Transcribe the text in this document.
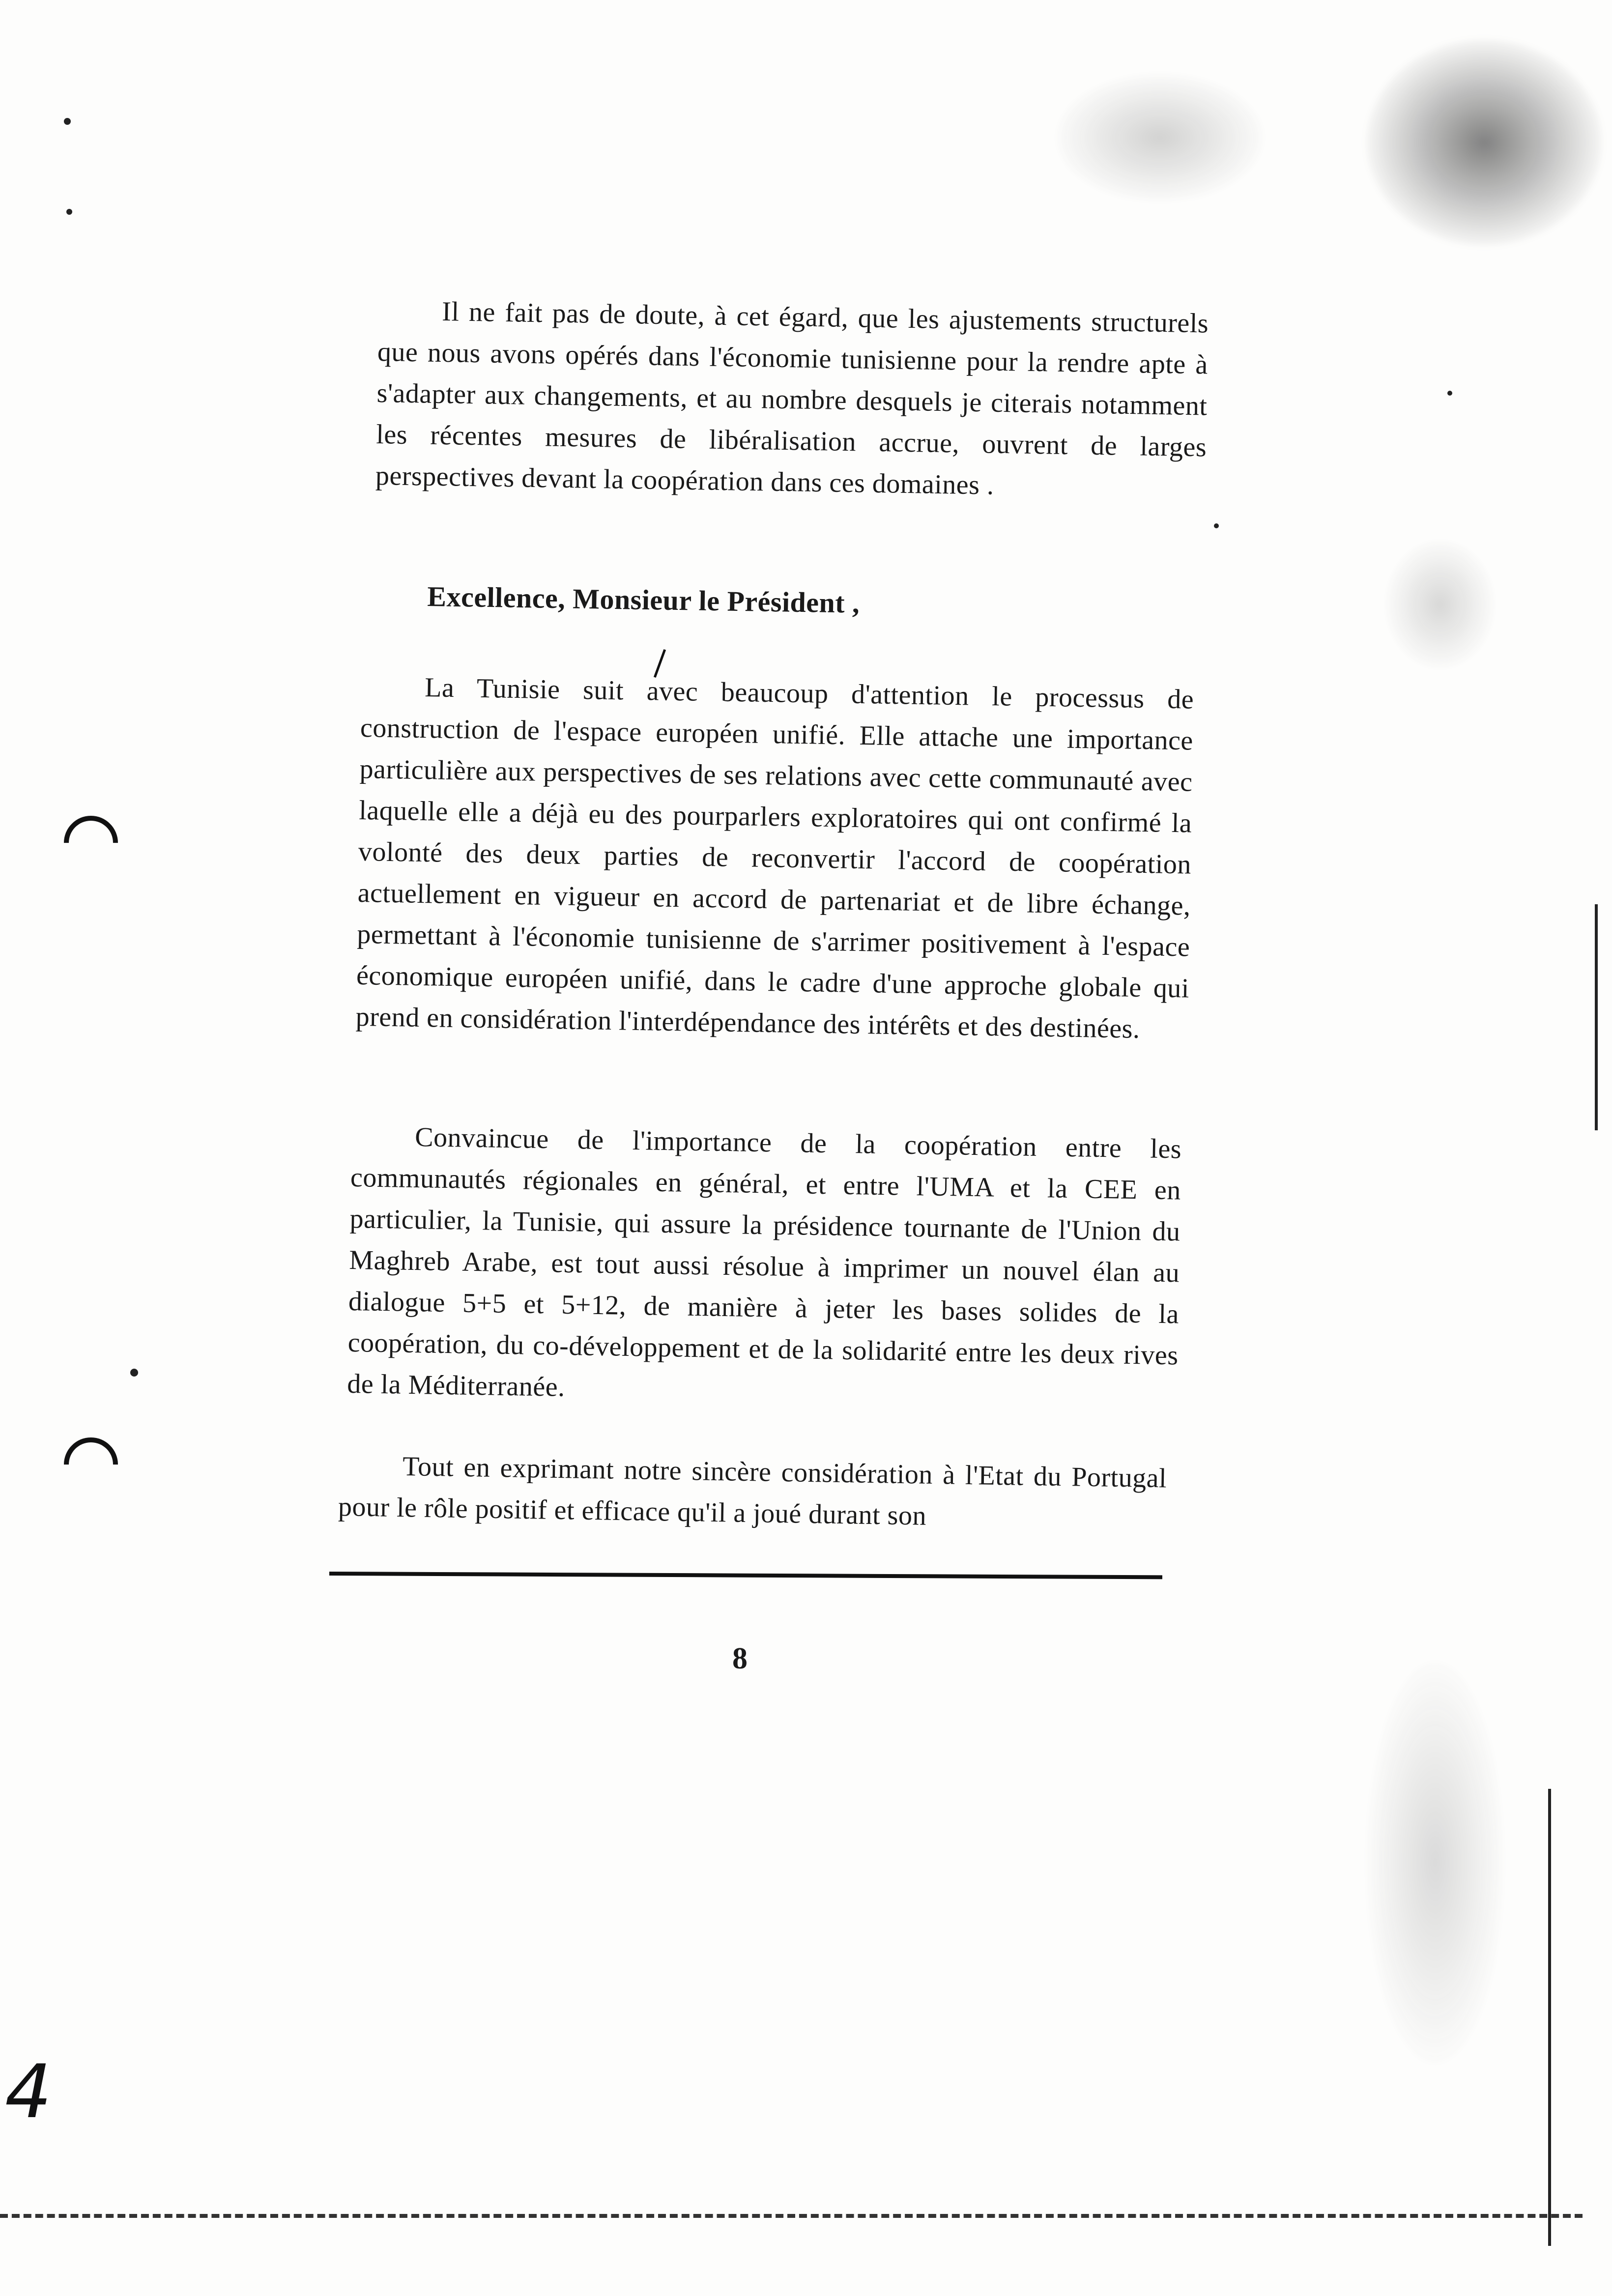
Il ne fait pas de doute, à cet égard, que les ajustements structurels que nous avons opérés dans l'économie tunisienne pour la rendre apte à s'adapter aux changements, et au nombre desquels je citerais notamment les récentes mesures de libéralisation accrue, ouvrent de larges perspectives devant la coopération dans ces domaines .

Excellence, Monsieur le Président ,

La Tunisie suit avec beaucoup d'attention le processus de construction de l'espace européen unifié. Elle attache une importance particulière aux perspectives de ses relations avec cette communauté avec laquelle elle a déjà eu des pourparlers exploratoires qui ont confirmé la volonté des deux parties de reconvertir l'accord de coopération actuellement en vigueur en accord de partenariat et de libre échange, permettant à l'économie tunisienne de s'arrimer positivement à l'espace économique européen unifié, dans le cadre d'une approche globale qui prend en considération l'interdépendance des intérêts et des destinées.

Convaincue de l'importance de la coopération entre les communautés régionales en général, et entre l'UMA et la CEE en particulier, la Tunisie, qui assure la présidence tournante de l'Union du Maghreb Arabe, est tout aussi résolue à imprimer un nouvel élan au dialogue 5+5 et 5+12, de manière à jeter les bases solides de la coopération, du co-développement et de la solidarité entre les deux rives de la Méditerranée.

Tout en exprimant notre sincère considération à l'Etat du Portugal pour le rôle positif et efficace qu'il a joué durant son

8
4
